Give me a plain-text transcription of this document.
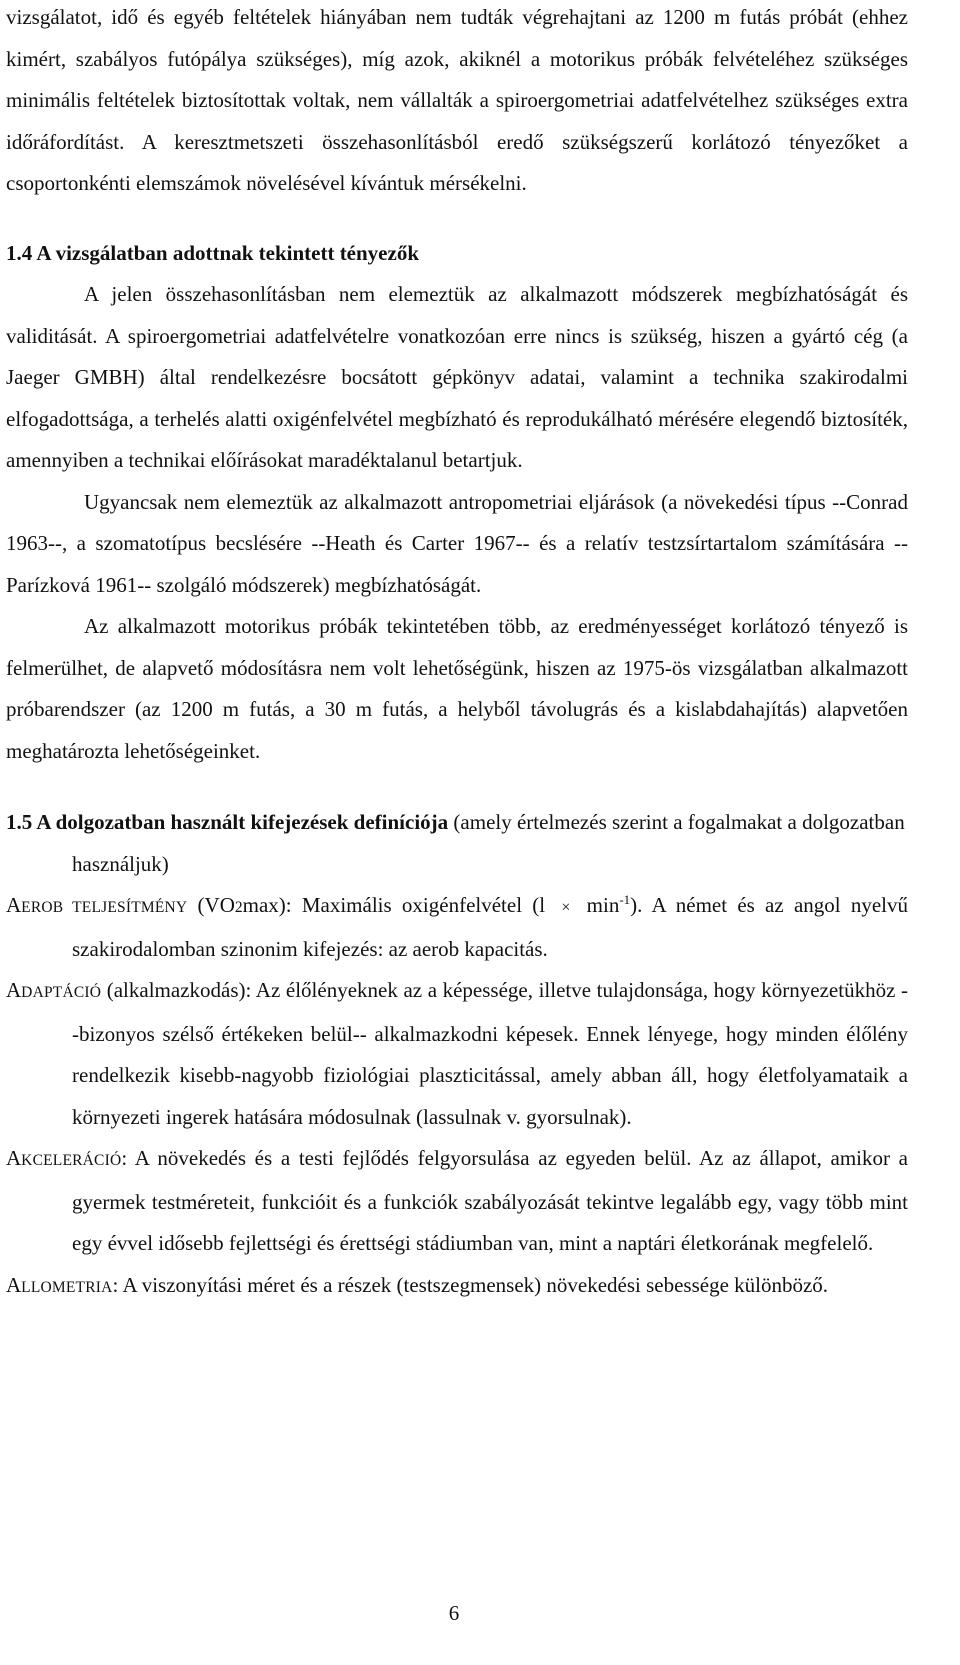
vizsgálatot, idő és egyéb feltételek hiányában nem tudták végrehajtani az 1200 m futás próbát (ehhez kimért, szabályos futópálya szükséges), míg azok, akiknél a motorikus próbák felvételéhez szükséges minimális feltételek biztosítottak voltak, nem vállalták a spiroergometriai adatfelvételhez szükséges extra időráfordítást. A keresztmetszeti összehasonlításból eredő szükségszerű korlátozó tényezőket a csoportonkénti elemszámok növelésével kívántuk mérsékelni.

1.4 A vizsgálatban adottnak tekintett tényezők

A jelen összehasonlításban nem elemeztük az alkalmazott módszerek megbízhatóságát és validitását. A spiroergometriai adatfelvételre vonatkozóan erre nincs is szükség, hiszen a gyártó cég (a Jaeger GMBH) által rendelkezésre bocsátott gépkönyv adatai, valamint a technika szakirodalmi elfogadottsága, a terhelés alatti oxigénfelvétel megbízható és reprodukálható mérésére elegendő biztosíték, amennyiben a technikai előírásokat maradéktalanul betartjuk.

Ugyancsak nem elemeztük az alkalmazott antropometriai eljárások (a növekedési típus --Conrad 1963--, a szomatotípus becslésére --Heath és Carter 1967-- és a relatív testzsírtartalom számítására --Parízková 1961-- szolgáló módszerek) megbízhatóságát.

Az alkalmazott motorikus próbák tekintetében több, az eredményességet korlátozó tényező is felmerülhet, de alapvető módosításra nem volt lehetőségünk, hiszen az 1975-ös vizsgálatban alkalmazott próbarendszer (az 1200 m futás, a 30 m futás, a helyből távolugrás és a kislabdahajítás) alapvetően meghatározta lehetőségeinket.

1.5 A dolgozatban használt kifejezések definíciója (amely értelmezés szerint a fogalmakat a dolgozatban használjuk)

AEROB TELJESÍTMÉNY (VO2max): Maximális oxigénfelvétel $(l \times \min^{-1})$. A német és az angol nyelvű szakirodalomban szinonim kifejezés: az aerob kapacitás.

ADAPTÁCIÓ (alkalmazkodás): Az élőlényeknek az a képessége, illetve tulajdonsága, hogy környezetükhöz --bizonyos szélső értékeken belül-- alkalmazkodni képesek. Ennek lényege, hogy minden élőlény rendelkezik kisebb-nagyobb fiziológiai plaszticitással, amely abban áll, hogy életfolyamataik a környezeti ingerek hatására módosulnak (lassulnak v. gyorsulnak).

AKCELERÁCIÓ: A növekedés és a testi fejlődés felgyorsulása az egyeden belül. Az az állapot, amikor a gyermek testméreteit, funkcióit és a funkciók szabályozását tekintve legalább egy, vagy több mint egy évvel idősebb fejlettségi és érettségi stádiumban van, mint a naptári életkorának megfelelő.

ALLOMETRIA: A viszonyítási méret és a részek (testszegmensek) növekedési sebessége különböző.

6
